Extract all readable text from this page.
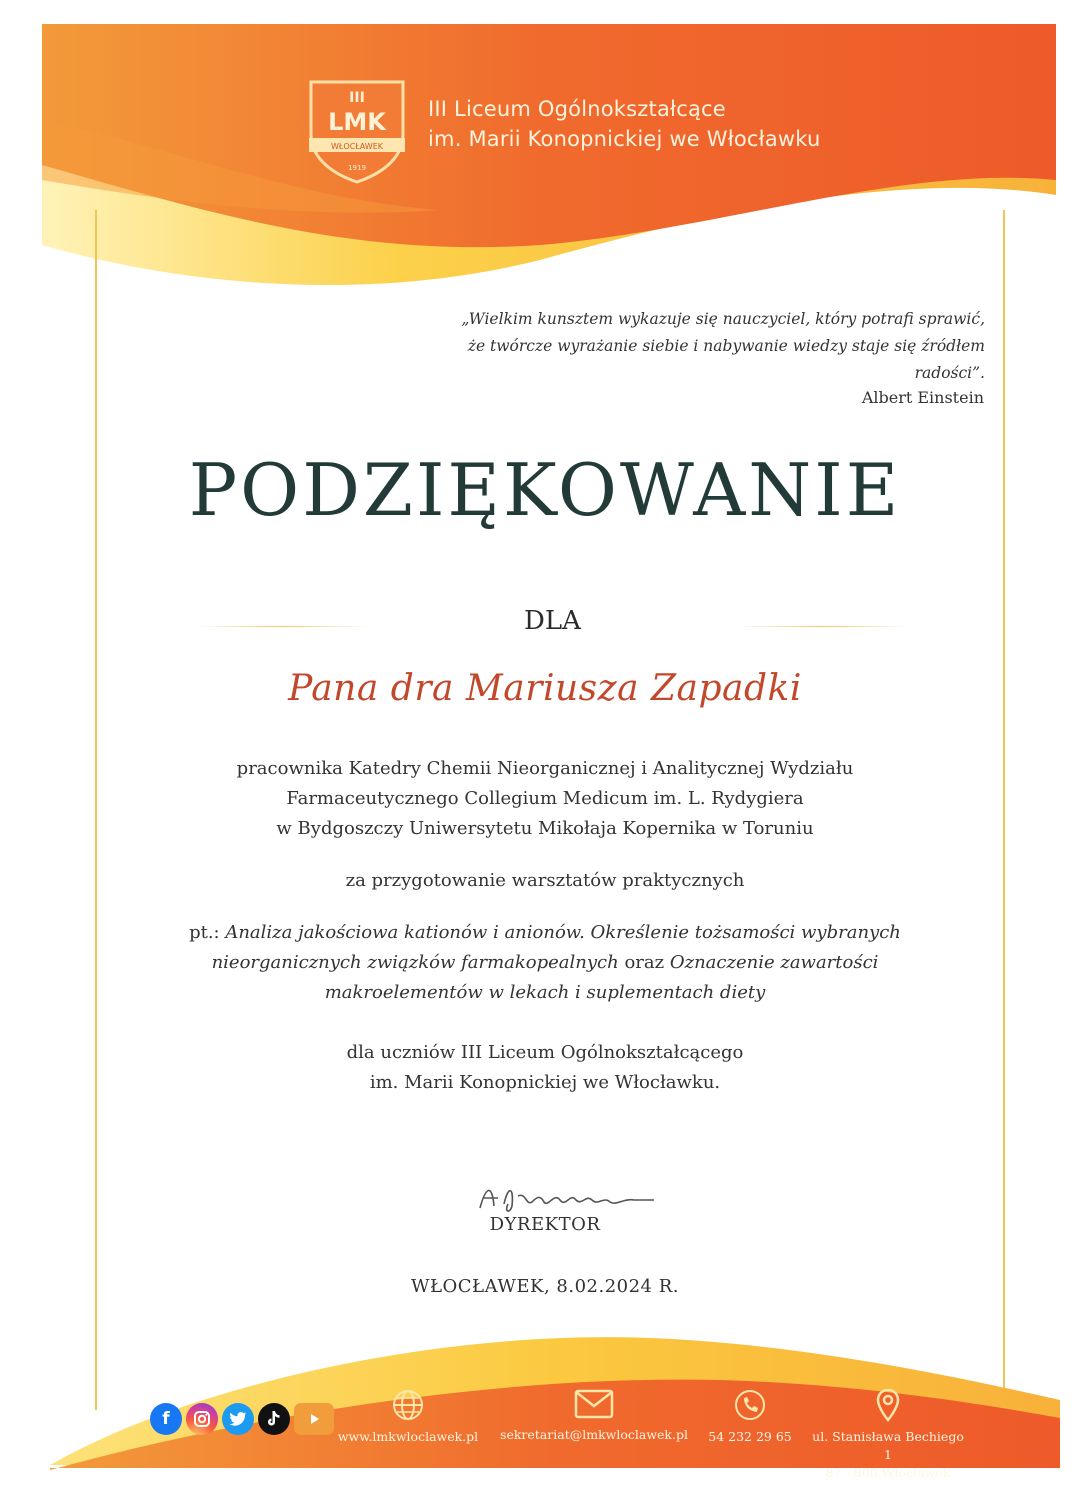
III
LMK
WŁOCŁAWEK
1919
III Liceum Ogólnokształcące
im. Marii Konopnickiej we Włocławku
„Wielkim kunsztem wykazuje się nauczyciel, który potrafi sprawić,
że twórcze wyrażanie siebie i nabywanie wiedzy staje się źródłem
radości”.
Albert Einstein
PODZIĘKOWANIE
DLA
Pana dra Mariusza Zapadki
pracownika Katedry Chemii Nieorganicznej i Analitycznej Wydziału
Farmaceutycznego Collegium Medicum im. L. Rydygiera
w Bydgoszczy Uniwersytetu Mikołaja Kopernika w Toruniu
za przygotowanie warsztatów praktycznych
pt.: Analiza jakościowa kationów i anionów. Określenie tożsamości wybranych
nieorganicznych związków farmakopealnych oraz Oznaczenie zawartości
makroelementów w lekach i suplementach diety
dla uczniów III Liceum Ogólnokształcącego
im. Marii Konopnickiej we Włocławku.
DYREKTOR
WŁOCŁAWEK, 8.02.2024 R.
f
www.lmkwloclawek.pl	sekretariat@lmkwloclawek.pl	54 232 29 65	ul. Stanisława Bechiego 1
87 - 800 Włocławek
